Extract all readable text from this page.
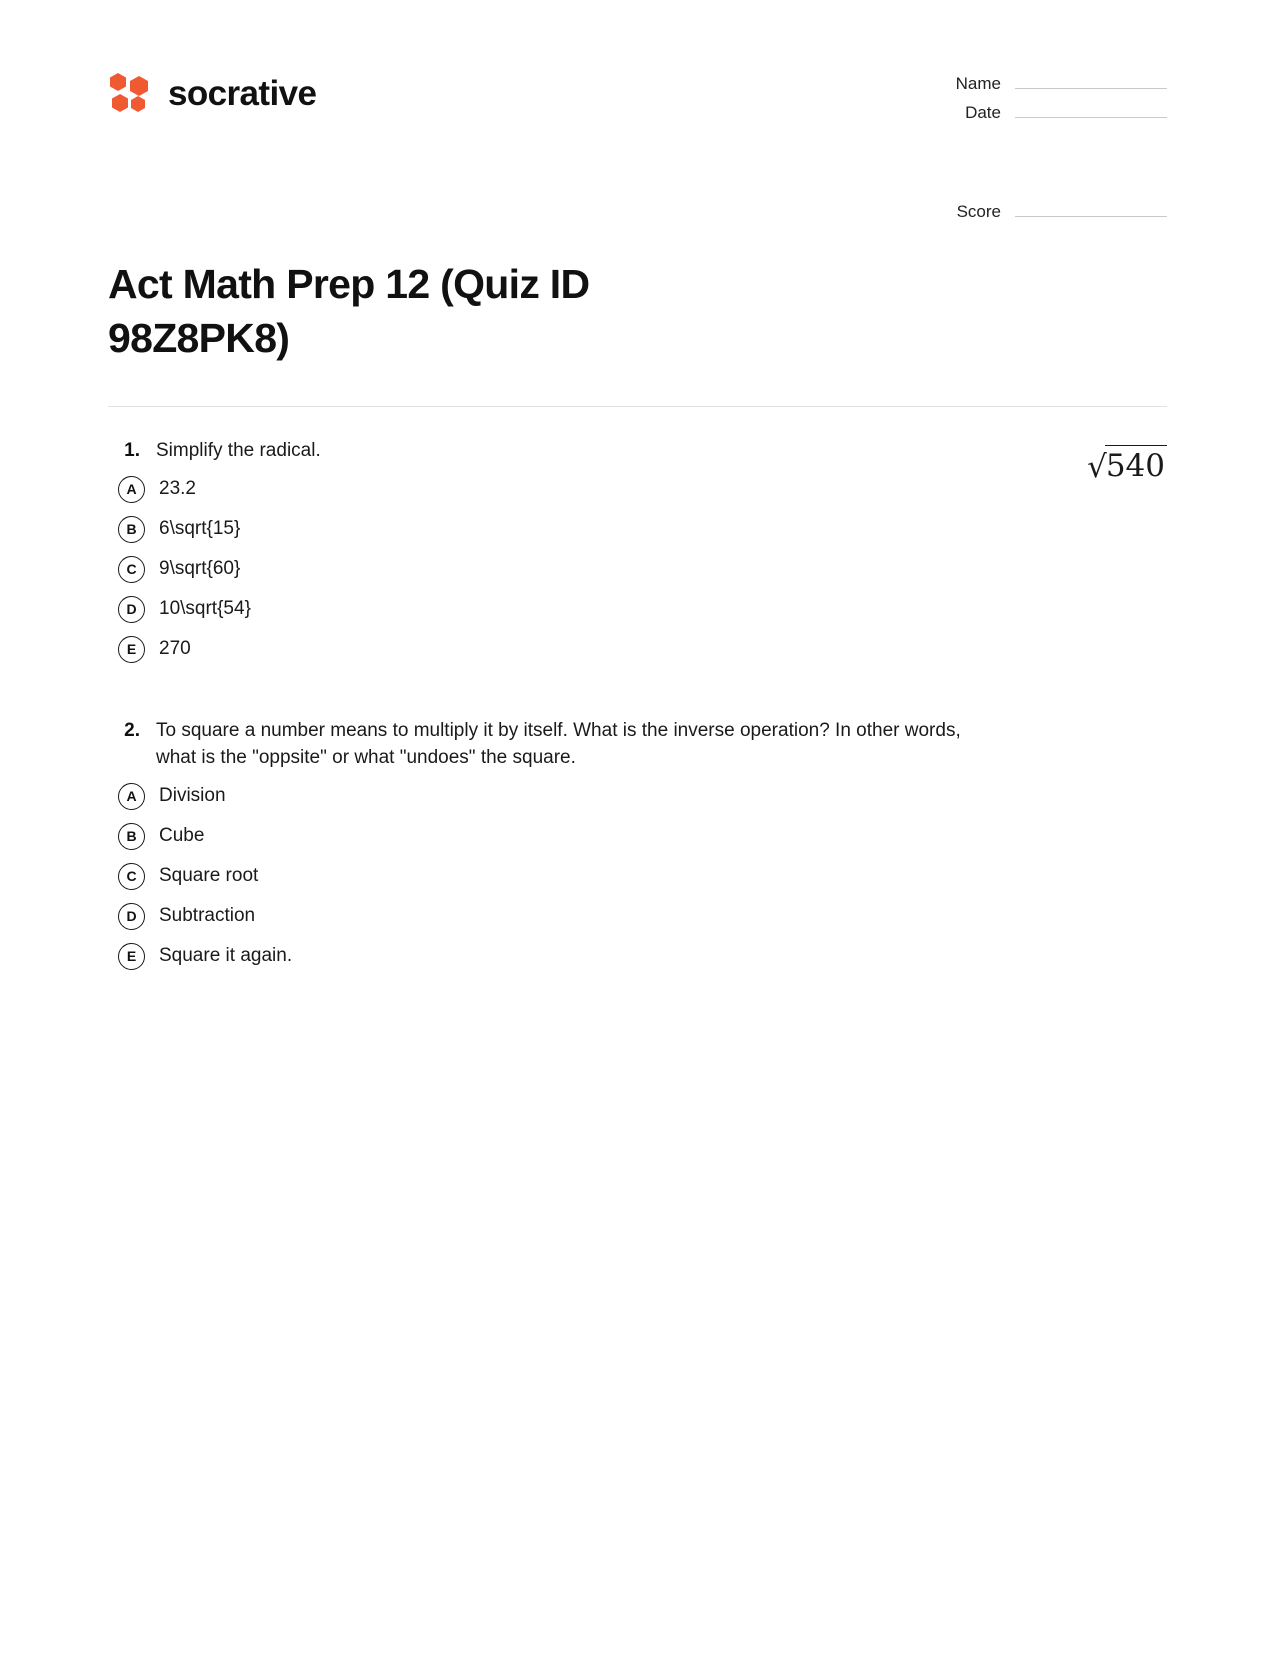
socrative	Name
Date
Score
Act Math Prep 12 (Quiz ID 98Z8PK8)
√540
1. Simplify the radical.
A	23.2
B	6\sqrt{15}
C	9\sqrt{60}
D	10\sqrt{54}
E	270
2. To square a number means to multiply it by itself. What is the inverse operation? In other words, what is the "oppsite" or what "undoes" the square.
A	Division
B	Cube
C	Square root
D	Subtraction
E	Square it again.
